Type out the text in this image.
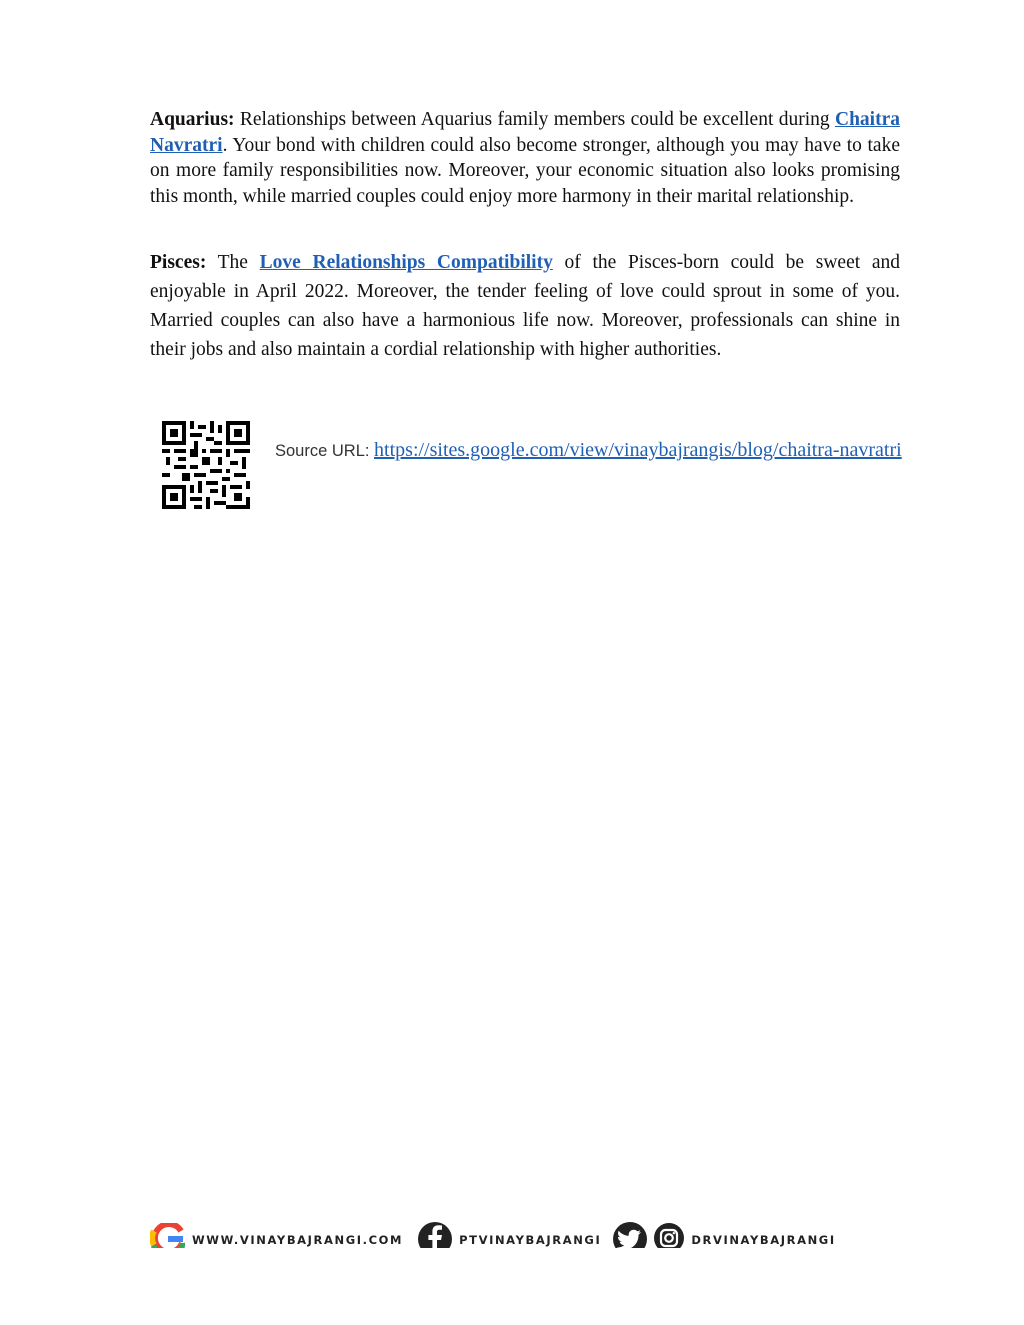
Aquarius: Relationships between Aquarius family members could be excellent during Chaitra Navratri. Your bond with children could also become stronger, although you may have to take on more family responsibilities now. Moreover, your economic situation also looks promising this month, while married couples could enjoy more harmony in their marital relationship.

Pisces: The Love Relationships Compatibility of the Pisces-born could be sweet and enjoyable in April 2022. Moreover, the tender feeling of love could sprout in some of you. Married couples can also have a harmonious life now. Moreover, professionals can shine in their jobs and also maintain a cordial relationship with higher authorities.

Source URL: https://sites.google.com/view/vinaybajrangis/blog/chaitra-navratri

WWW.VINAYBAJRANGI.COM	PTVINAYBAJRANGI	DRVINAYBAJRANGI
